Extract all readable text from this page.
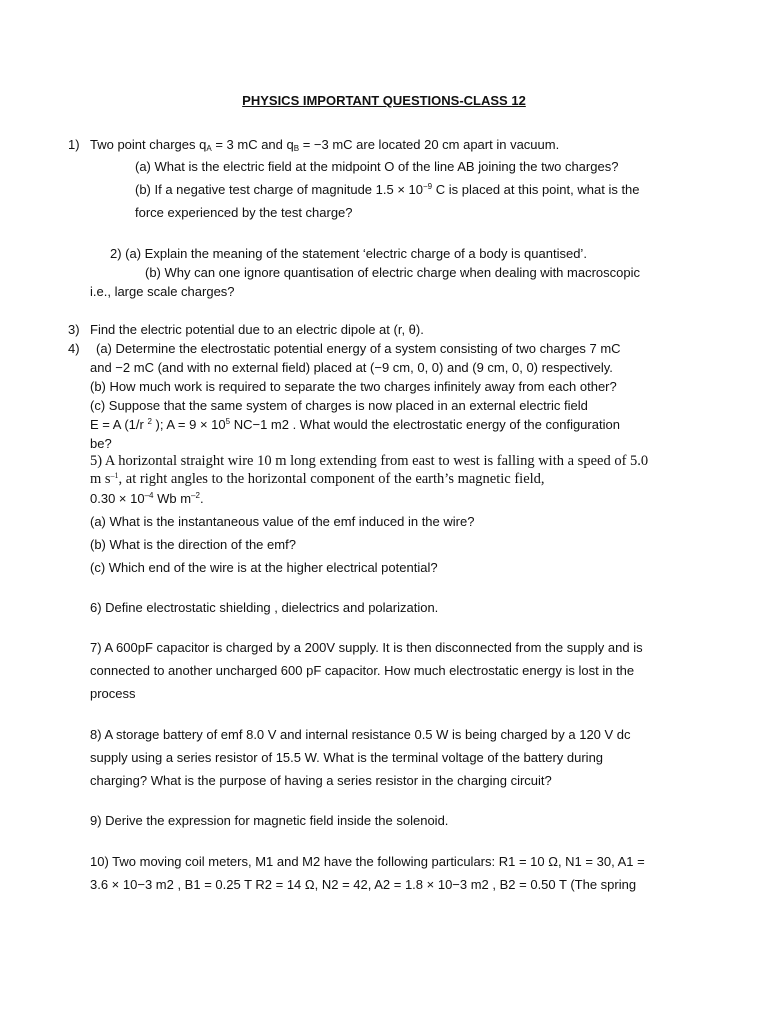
PHYSICS IMPORTANT QUESTIONS-CLASS 12
1) Two point charges $q_A = 3$ mC and $q_B = -3$ mC are located 20 cm apart in vacuum.
(a) What is the electric field at the midpoint O of the line AB joining the two charges?
(b) If a negative test charge of magnitude $1.5 \times 10^{-9}$ C is placed at this point, what is the
force experienced by the test charge?
2) (a) Explain the meaning of the statement ‘electric charge of a body is quantised’.
(b) Why can one ignore quantisation of electric charge when dealing with macroscopic
i.e., large scale charges?
3) Find the electric potential due to an electric dipole at (r, θ).
4) (a) Determine the electrostatic potential energy of a system consisting of two charges 7 mC
and −2 mC (and with no external field) placed at (−9 cm, 0, 0) and (9 cm, 0, 0) respectively.
(b) How much work is required to separate the two charges infinitely away from each other?
(c) Suppose that the same system of charges is now placed in an external electric field
E = A (1/r $^2$ ); $A = 9 \times 10^5$ NC−1 m2 . What would the electrostatic energy of the configuration
be?
5) A horizontal straight wire 10 m long extending from east to west is falling with a speed of 5.0
m $s^{-1}$, at right angles to the horizontal component of the earth’s magnetic field,
$0.30 \times 10^{-4}$ Wb $m^{-2}$.
(a) What is the instantaneous value of the emf induced in the wire?
(b) What is the direction of the emf?
(c) Which end of the wire is at the higher electrical potential?
6) Define electrostatic shielding , dielectrics and polarization.
7) A 600pF capacitor is charged by a 200V supply. It is then disconnected from the supply and is
connected to another uncharged 600 pF capacitor. How much electrostatic energy is lost in the
process
8) A storage battery of emf 8.0 V and internal resistance 0.5 W is being charged by a 120 V dc
supply using a series resistor of 15.5 W. What is the terminal voltage of the battery during
charging? What is the purpose of having a series resistor in the charging circuit?
9) Derive the expression for magnetic field inside the solenoid.
10) Two moving coil meters, M1 and M2 have the following particulars: R1 = 10 Ω, N1 = 30, A1 =
3.6 × 10−3 m2 , B1 = 0.25 T R2 = 14 Ω, N2 = 42, A2 = 1.8 × 10−3 m2 , B2 = 0.50 T (The spring
